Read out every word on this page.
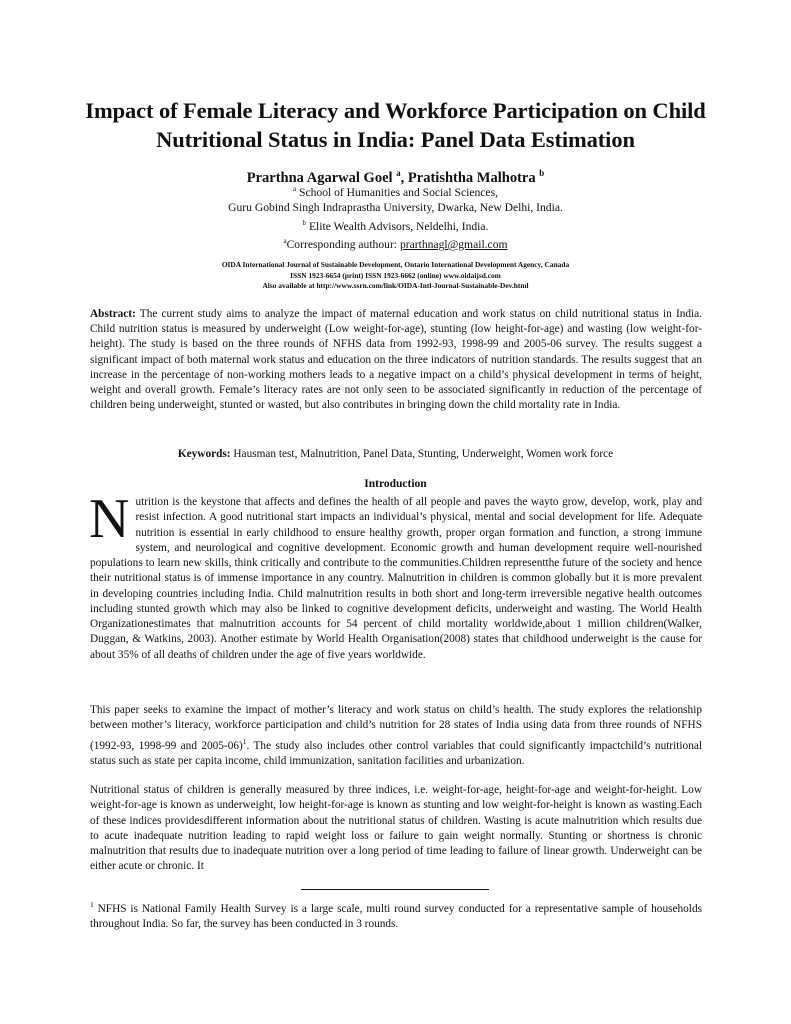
Impact of Female Literacy and Workforce Participation on Child Nutritional Status in India: Panel Data Estimation
Prarthna Agarwal Goel $^a$, Pratishtha Malhotra $^b$
$^a$ School of Humanities and Social Sciences,
Guru Gobind Singh Indraprastha University, Dwarka, New Delhi, India.
$^b$ Elite Wealth Advisors, Neldelhi, India.
$^a$Corresponding authour: prarthnagl@gmail.com
OIDA International Journal of Sustainable Development, Ontario International Development Agency, Canada
ISSN 1923-6654 (print) ISSN 1923-6662 (online) www.oidaijsd.com
Also available at http://www.ssrn.com/link/OIDA-Intl-Journal-Sustainable-Dev.html
Abstract: The current study aims to analyze the impact of maternal education and work status on child nutritional status in India. Child nutrition status is measured by underweight (Low weight-for-age), stunting (low height-for-age) and wasting (low weight-for-height). The study is based on the three rounds of NFHS data from 1992-93, 1998-99 and 2005-06 survey. The results suggest a significant impact of both maternal work status and education on the three indicators of nutrition standards. The results suggest that an increase in the percentage of non-working mothers leads to a negative impact on a child’s physical development in terms of height, weight and overall growth. Female’s literacy rates are not only seen to be associated significantly in reduction of the percentage of children being underweight, stunted or wasted, but also contributes in bringing down the child mortality rate in India.
Keywords: Hausman test, Malnutrition, Panel Data, Stunting, Underweight, Women work force
Introduction
Nutrition is the keystone that affects and defines the health of all people and paves the wayto grow, develop, work, play and resist infection. A good nutritional start impacts an individual’s physical, mental and social development for life. Adequate nutrition is essential in early childhood to ensure healthy growth, proper organ formation and function, a strong immune system, and neurological and cognitive development. Economic growth and human development require well-nourished populations to learn new skills, think critically and contribute to the communities.Children representthe future of the society and hence their nutritional status is of immense importance in any country. Malnutrition in children is common globally but it is more prevalent in developing countries including India. Child malnutrition results in both short and long-term irreversible negative health outcomes including stunted growth which may also be linked to cognitive development deficits, underweight and wasting. The World Health Organizationestimates that malnutrition accounts for 54 percent of child mortality worldwide,about 1 million children(Walker, Duggan, & Watkins, 2003). Another estimate by World Health Organisation(2008) states that childhood underweight is the cause for about 35% of all deaths of children under the age of five years worldwide.
This paper seeks to examine the impact of mother’s literacy and work status on child’s health. The study explores the relationship between mother’s literacy, workforce participation and child’s nutrition for 28 states of India using data from three rounds of NFHS (1992-93, 1998-99 and 2005-06)$^1$. The study also includes other control variables that could significantly impactchild’s nutritional status such as state per capita income, child immunization, sanitation facilities and urbanization.
Nutritional status of children is generally measured by three indices, i.e. weight-for-age, height-for-age and weight-for-height. Low weight-for-age is known as underweight, low height-for-age is known as stunting and low weight-for-height is known as wasting.Each of these indices providesdifferent information about the nutritional status of children. Wasting is acute malnutrition which results due to acute inadequate nutrition leading to rapid weight loss or failure to gain weight normally. Stunting or shortness is chronic malnutrition that results due to inadequate nutrition over a long period of time leading to failure of linear growth. Underweight can be either acute or chronic. It
$^1$ NFHS is National Family Health Survey is a large scale, multi round survey conducted for a representative sample of households throughout India. So far, the survey has been conducted in 3 rounds.
